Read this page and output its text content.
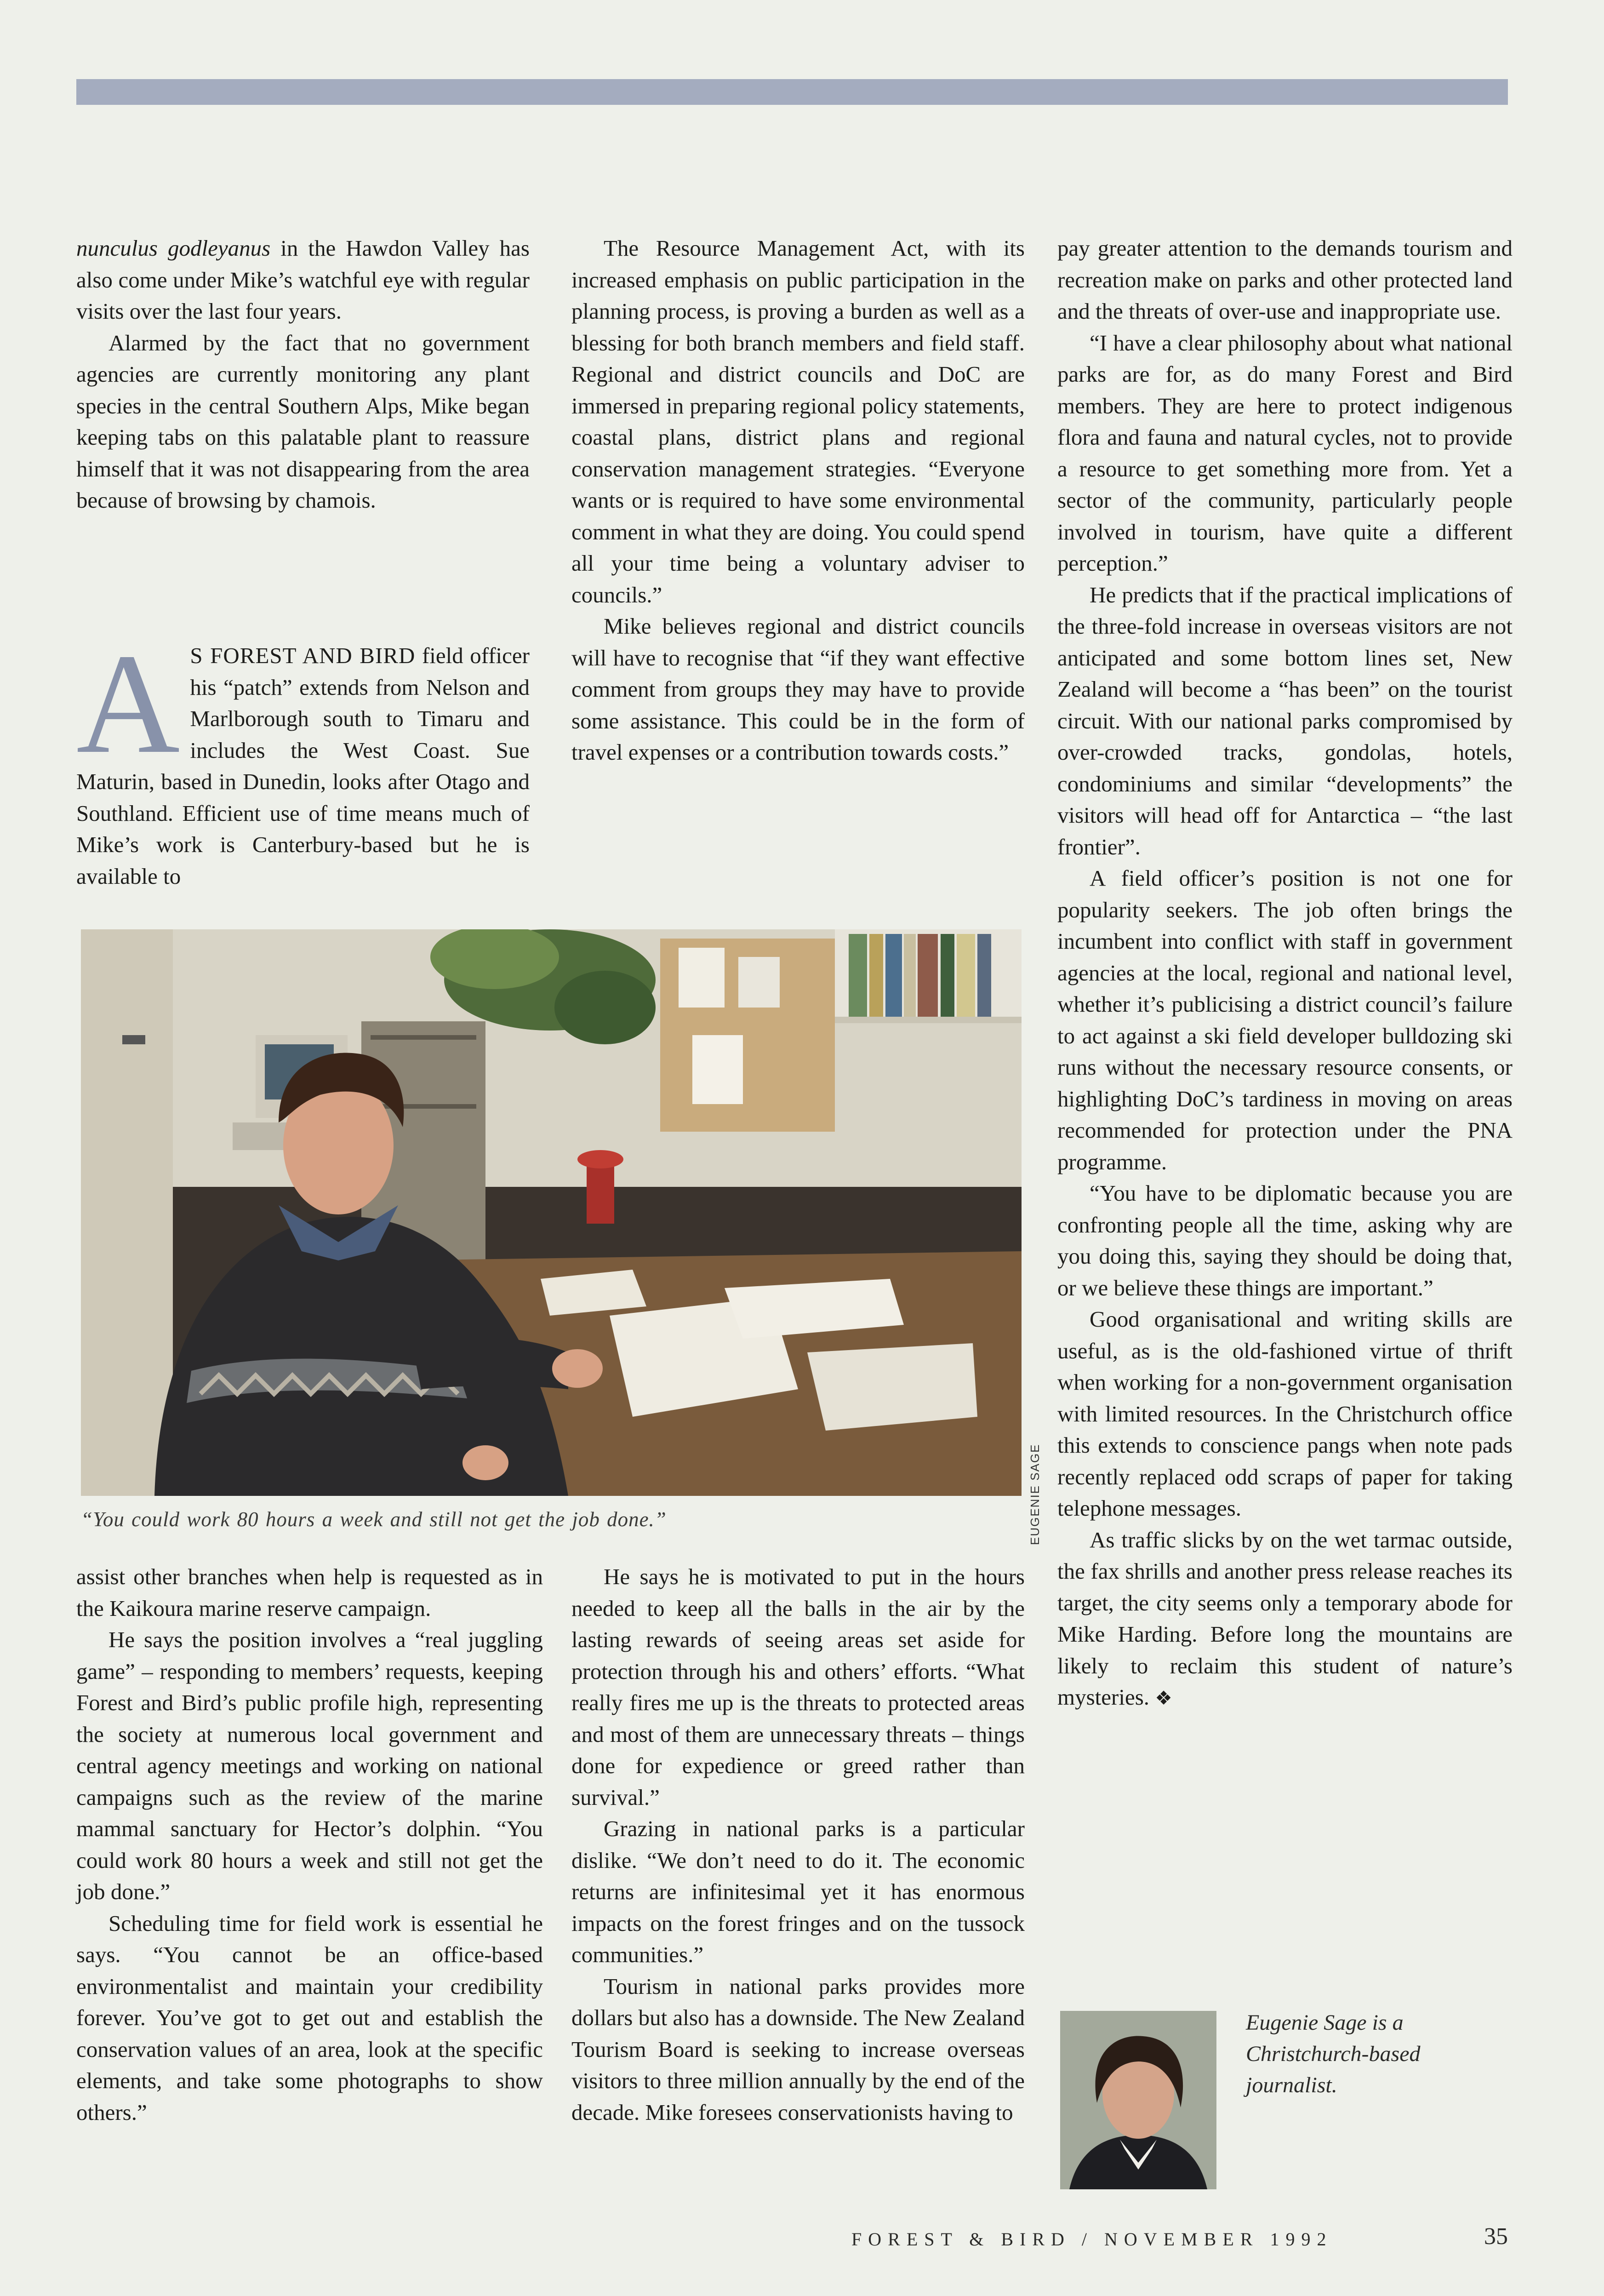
nunculus godleyanus in the Hawdon Valley has also come under Mike’s watchful eye with regular visits over the last four years.

Alarmed by the fact that no government agencies are currently monitoring any plant species in the central Southern Alps, Mike began keeping tabs on this palatable plant to reassure himself that it was not disappearing from the area because of browsing by chamois.

A S FOREST AND BIRD field officer his “patch” extends from Nelson and Marlborough south to Timaru and includes the West Coast. Sue Maturin, based in Dunedin, looks after Otago and Southland. Efficient use of time means much of Mike’s work is Canterbury-based but he is available to

The Resource Management Act, with its increased emphasis on public participation in the planning process, is proving a burden as well as a blessing for both branch members and field staff. Regional and district councils and DoC are immersed in preparing regional policy statements, coastal plans, district plans and regional conservation management strategies. “Everyone wants or is required to have some environmental comment in what they are doing. You could spend all your time being a voluntary adviser to councils.”

Mike believes regional and district councils will have to recognise that “if they want effective comment from groups they may have to provide some assistance. This could be in the form of travel expenses or a contribution towards costs.”

pay greater attention to the demands tourism and recreation make on parks and other protected land and the threats of over-use and inappropriate use.

“I have a clear philosophy about what national parks are for, as do many Forest and Bird members. They are here to protect indigenous flora and fauna and natural cycles, not to provide a resource to get something more from. Yet a sector of the community, particularly people involved in tourism, have quite a different perception.”

He predicts that if the practical implications of the three-fold increase in overseas visitors are not anticipated and some bottom lines set, New Zealand will become a “has been” on the tourist circuit. With our national parks compromised by over-crowded tracks, gondolas, hotels, condominiums and similar “developments” the visitors will head off for Antarctica – “the last frontier”.

A field officer’s position is not one for popularity seekers. The job often brings the incumbent into conflict with staff in government agencies at the local, regional and national level, whether it’s publicising a district council’s failure to act against a ski field developer bulldozing ski runs without the necessary resource consents, or highlighting DoC’s tardiness in moving on areas recommended for protection under the PNA programme.

“You have to be diplomatic because you are confronting people all the time, asking why are you doing this, saying they should be doing that, or we believe these things are important.”

Good organisational and writing skills are useful, as is the old-fashioned virtue of thrift when working for a non-government organisation with limited resources. In the Christchurch office this extends to conscience pangs when note pads recently replaced odd scraps of paper for taking telephone messages.

As traffic slicks by on the wet tarmac outside, the fax shrills and another press release reaches its target, the city seems only a temporary abode for Mike Harding. Before long the mountains are likely to reclaim this student of nature’s mysteries. ❖

EUGENIE SAGE
“You could work 80 hours a week and still not get the job done.”

assist other branches when help is requested as in the Kaikoura marine reserve campaign.

He says the position involves a “real juggling game” – responding to members’ requests, keeping Forest and Bird’s public profile high, representing the society at numerous local government and central agency meetings and working on national campaigns such as the review of the marine mammal sanctuary for Hector’s dolphin. “You could work 80 hours a week and still not get the job done.”

Scheduling time for field work is essential he says. “You cannot be an office-based environmentalist and maintain your credibility forever. You’ve got to get out and establish the conservation values of an area, look at the specific elements, and take some photographs to show others.”

He says he is motivated to put in the hours needed to keep all the balls in the air by the lasting rewards of seeing areas set aside for protection through his and others’ efforts. “What really fires me up is the threats to protected areas and most of them are unnecessary threats – things done for expedience or greed rather than survival.”

Grazing in national parks is a particular dislike. “We don’t need to do it. The economic returns are infinitesimal yet it has enormous impacts on the forest fringes and on the tussock communities.”

Tourism in national parks provides more dollars but also has a downside. The New Zealand Tourism Board is seeking to increase overseas visitors to three million annually by the end of the decade. Mike foresees conservationists having to

Eugenie Sage is a Christchurch-based journalist.
FOREST & BIRD / NOVEMBER 1992	35
